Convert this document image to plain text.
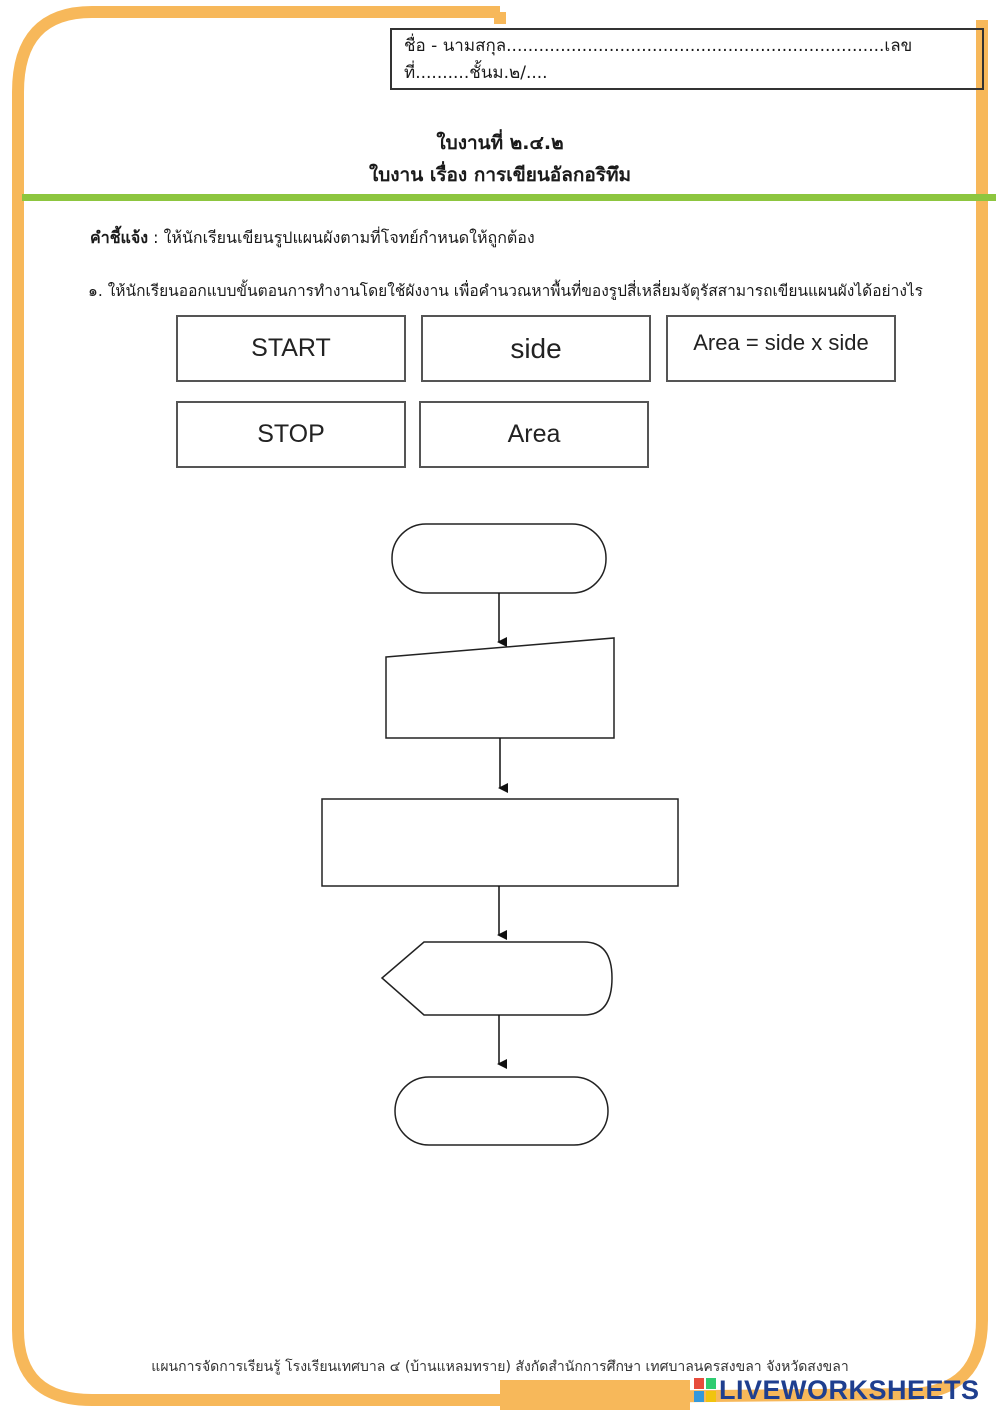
ชื่อ - นามสกุล......................................................................เลขที่..........ชั้นม.๒/....
ใบงานที่ ๒.๔.๒
ใบงาน เรื่อง การเขียนอัลกอริทึม
คำชี้แจ้ง : ให้นักเรียนเขียนรูปแผนผังตามที่โจทย์กำหนดให้ถูกต้อง
๑. ให้นักเรียนออกแบบขั้นตอนการทำงานโดยใช้ผังงาน เพื่อคำนวณหาพื้นที่ของรูปสี่เหลี่ยมจัตุรัสสามารถเขียนแผนผังได้อย่างไร
START	side	Area = side x side
STOP	Area
แผนการจัดการเรียนรู้ โรงเรียนเทศบาล ๔ (บ้านแหลมทราย) สังกัดสำนักการศึกษา เทศบาลนครสงขลา จังหวัดสงขลา
LIVEWORKSHEETS
